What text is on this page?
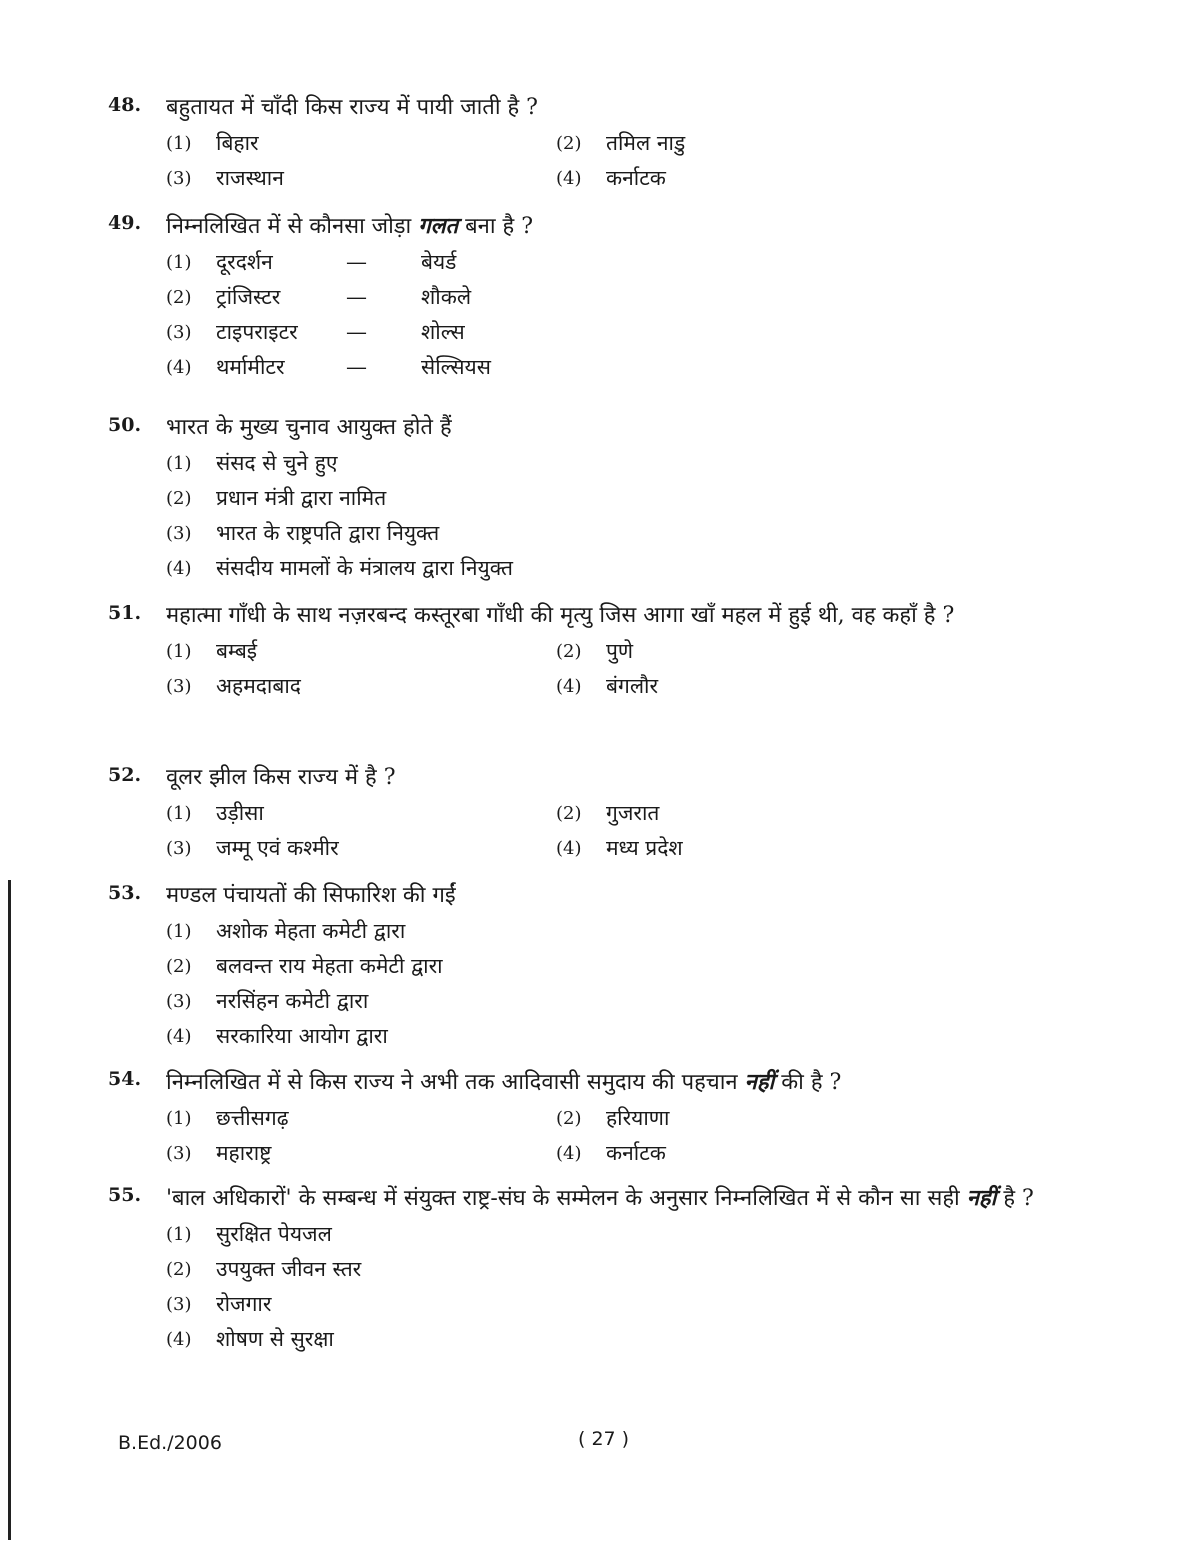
48.	बहुतायत में चाँदी किस राज्य में पायी जाती है ?
(1)	बिहार	(2)	तमिल नाडु
(3)	राजस्थान	(4)	कर्नाटक
49.	निम्नलिखित में से कौनसा जोड़ा गलत बना है ?
(1)	दूरदर्शन	—	बेयर्ड
(2)	ट्रांजिस्टर	—	शौकले
(3)	टाइपराइटर	—	शोल्स
(4)	थर्मामीटर	—	सेल्सियस
50.	भारत के मुख्य चुनाव आयुक्त होते हैं
(1)	संसद से चुने हुए
(2)	प्रधान मंत्री द्वारा नामित
(3)	भारत के राष्ट्रपति द्वारा नियुक्त
(4)	संसदीय मामलों के मंत्रालय द्वारा नियुक्त
51.	महात्मा गाँधी के साथ नज़रबन्द कस्तूरबा गाँधी की मृत्यु जिस आगा खाँ महल में हुई थी, वह कहाँ है ?
(1)	बम्बई	(2)	पुणे
(3)	अहमदाबाद	(4)	बंगलौर
52.	वूलर झील किस राज्य में है ?
(1)	उड़ीसा	(2)	गुजरात
(3)	जम्मू एवं कश्मीर	(4)	मध्य प्रदेश
53.	मण्डल पंचायतों की सिफारिश की गईं
(1)	अशोक मेहता कमेटी द्वारा
(2)	बलवन्त राय मेहता कमेटी द्वारा
(3)	नरसिंहन कमेटी द्वारा
(4)	सरकारिया आयोग द्वारा
54.	निम्नलिखित में से किस राज्य ने अभी तक आदिवासी समुदाय की पहचान नहीं की है ?
(1)	छत्तीसगढ़	(2)	हरियाणा
(3)	महाराष्ट्र	(4)	कर्नाटक
55.	'बाल अधिकारों' के सम्बन्ध में संयुक्त राष्ट्र-संघ के सम्मेलन के अनुसार निम्नलिखित में से कौन सा सही नहीं है ?
(1)	सुरक्षित पेयजल
(2)	उपयुक्त जीवन स्तर
(3)	रोजगार
(4)	शोषण से सुरक्षा
B.Ed./2006	( 27 )
